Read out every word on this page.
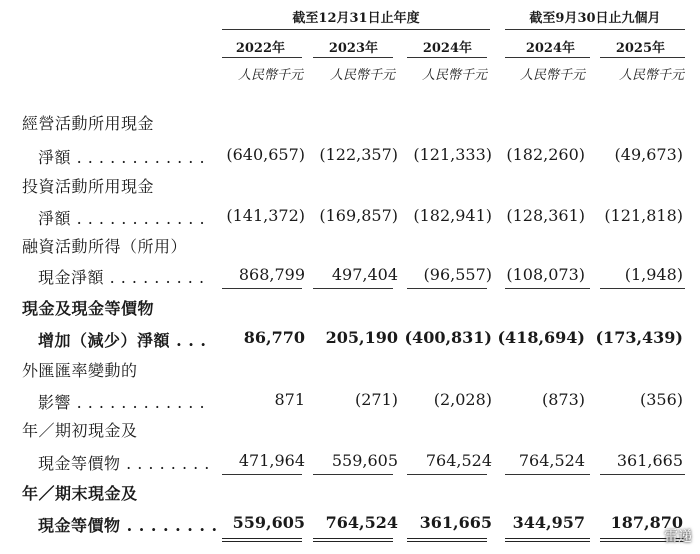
截至12月31日止年度	截至9月30日止九個月
2022年	2023年	2024年	2024年	2025年
人民幣千元	人民幣千元	人民幣千元	人民幣千元	人民幣千元
經營活動所用現金
淨額 . . . . . . . . . . . .	(640,657) (122,357) (121,333) (182,260)	(49,673)
投資活動所用現金
淨額 . . . . . . . . . . . .	(141,372) (169,857) (182,941) (128,361)	(121,818)
融資活動所得（所用）
現金淨額 . . . . . . . . .	868,799	497,404	(96,557) (108,073)	(1,948)
現金及現金等價物
增加（減少）淨額 . . .	86,770	205,190 (400,831) (418,694) (173,439)
外匯匯率變動的
影響 . . . . . . . . . . . .	871	(271)	(2,028)	(873)	(356)
年／期初現金及
現金等價物 . . . . . . . .	471,964	559,605	764,524	764,524	361,665
年／期末現金及
現金等價物 . . . . . . . . 559,605	764,524	361,665	344,957	187,870
雷递
